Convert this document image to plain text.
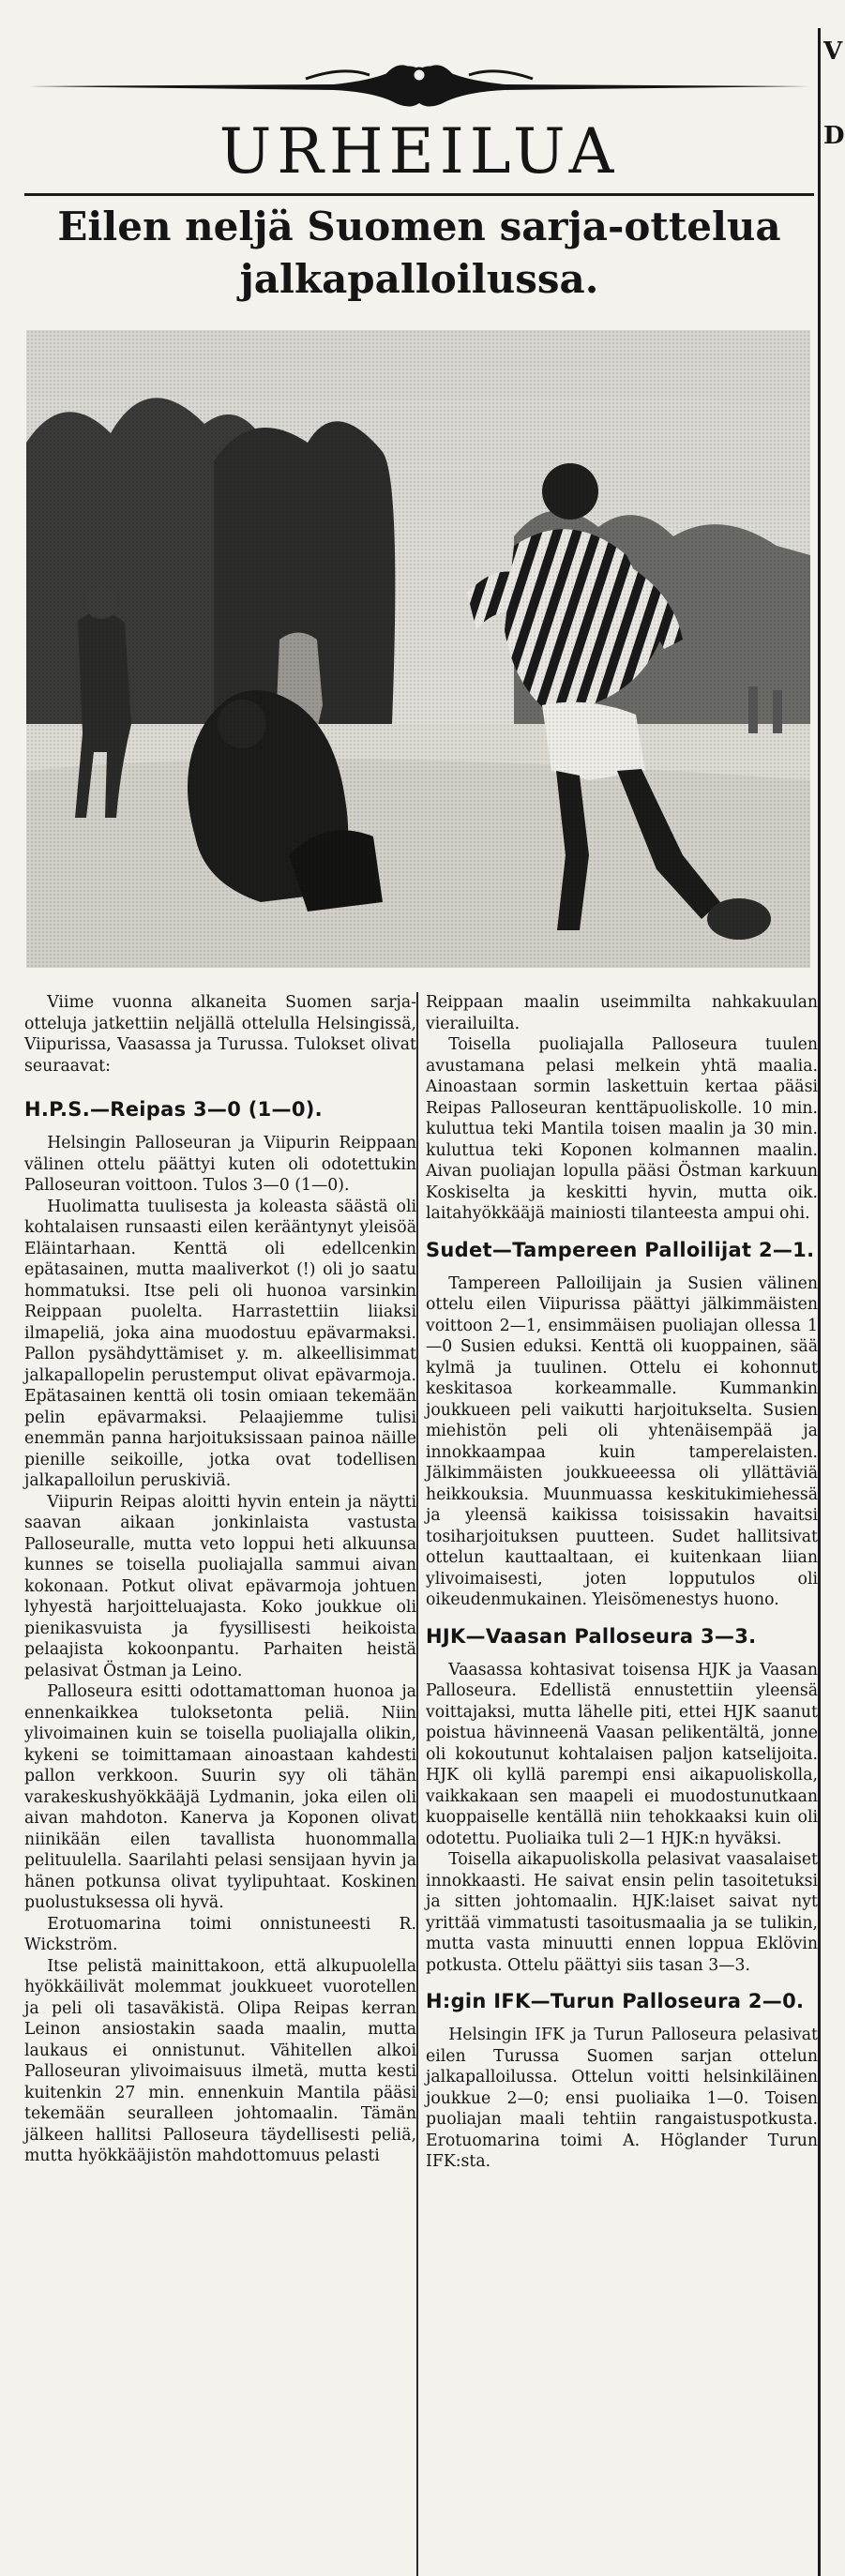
V
D
URHEILUA
Eilen neljä Suomen sarja-ottelua jalkapalloilussa.

Viime vuonna alkaneita Suomen sarja-otteluja jatkettiin neljällä ottelulla Helsingissä, Viipurissa, Vaasassa ja Turussa. Tulokset olivat seuraavat:

H.P.S.—Reipas 3—0 (1—0).

Helsingin Palloseuran ja Viipurin Reippaan välinen ottelu päättyi kuten oli odotettukin Palloseuran voittoon. Tulos 3—0 (1—0).

Huolimatta tuulisesta ja koleasta säästä oli kohtalaisen runsaasti eilen kerääntynyt yleisöä Eläintarhaan. Kenttä oli edellcenkin epätasainen, mutta maaliverkot (!) oli jo saatu hommatuksi. Itse peli oli huonoa varsinkin Reippaan puolelta. Harrastettiin liiaksi ilmapeliä, joka aina muodostuu epävarmaksi. Pallon pysähdyttämiset y. m. alkeellisimmat jalkapallopelin perustemput olivat epävarmoja. Epätasainen kenttä oli tosin omiaan tekemään pelin epävarmaksi. Pelaajiemme tulisi enemmän panna harjoituksissaan painoa näille pienille seikoille, jotka ovat todellisen jalkapalloilun peruskiviä.

Viipurin Reipas aloitti hyvin entein ja näytti saavan aikaan jonkinlaista vastusta Palloseuralle, mutta veto loppui heti alkuunsa kunnes se toisella puoliajalla sammui aivan kokonaan. Potkut olivat epävarmoja johtuen lyhyestä harjoitteluajasta. Koko joukkue oli pienikasvuista ja fyysillisesti heikoista pelaajista kokoonpantu. Parhaiten heistä pelasivat Östman ja Leino.

Palloseura esitti odottamattoman huonoa ja ennenkaikkea tuloksetonta peliä. Niin ylivoimainen kuin se toisella puoliajalla olikin, kykeni se toimittamaan ainoastaan kahdesti pallon verkkoon. Suurin syy oli tähän varakeskushyökkääjä Lydmanin, joka eilen oli aivan mahdoton. Kanerva ja Koponen olivat niinikään eilen tavallista huonommalla pelituulella. Saarilahti pelasi sensijaan hyvin ja hänen potkunsa olivat tyylipuhtaat. Koskinen puolustuksessa oli hyvä.

Erotuomarina toimi onnistuneesti R. Wickström.

Itse pelistä mainittakoon, että alkupuolella hyökkäilivät molemmat joukkueet vuorotellen ja peli oli tasaväkistä. Olipa Reipas kerran Leinon ansiostakin saada maalin, mutta laukaus ei onnistunut. Vähitellen alkoi Palloseuran ylivoimaisuus ilmetä, mutta kesti kuitenkin 27 min. ennenkuin Mantila pääsi tekemään seuralleen johtomaalin. Tämän jälkeen hallitsi Palloseura täydellisesti peliä, mutta hyökkääjistön mahdottomuus pelasti

Reippaan maalin useimmilta nahkakuulan vierailuilta.

Toisella puoliajalla Palloseura tuulen avustamana pelasi melkein yhtä maalia. Ainoastaan sormin laskettuin kertaa pääsi Reipas Palloseuran kenttäpuoliskolle. 10 min. kuluttua teki Mantila toisen maalin ja 30 min. kuluttua teki Koponen kolmannen maalin. Aivan puoliajan lopulla pääsi Östman karkuun Koskiselta ja keskitti hyvin, mutta oik. laitahyökkääjä mainiosti tilanteesta ampui ohi.

Sudet—Tampereen Palloilijat 2—1.

Tampereen Palloilijain ja Susien välinen ottelu eilen Viipurissa päättyi jälkimmäisten voittoon 2—1, ensimmäisen puoliajan ollessa 1—0 Susien eduksi. Kenttä oli kuoppainen, sää kylmä ja tuulinen. Ottelu ei kohonnut keskitasoa korkeammalle. Kummankin joukkueen peli vaikutti harjoitukselta. Susien miehistön peli oli yhtenäisempää ja innokkaampaa kuin tamperelaisten. Jälkimmäisten joukkueeessa oli yllättäviä heikkouksia. Muunmuassa keskitukimiehessä ja yleensä kaikissa toisissakin havaitsi tosiharjoituksen puutteen. Sudet hallitsivat ottelun kauttaaltaan, ei kuitenkaan liian ylivoimaisesti, joten lopputulos oli oikeudenmukainen. Yleisömenestys huono.

HJK—Vaasan Palloseura 3—3.

Vaasassa kohtasivat toisensa HJK ja Vaasan Palloseura. Edellistä ennustettiin yleensä voittajaksi, mutta lähelle piti, ettei HJK saanut poistua hävinneenä Vaasan pelikentältä, jonne oli kokoutunut kohtalaisen paljon katselijoita. HJK oli kyllä parempi ensi aikapuoliskolla, vaikkakaan sen maapeli ei muodostunutkaan kuoppaiselle kentällä niin tehokkaaksi kuin oli odotettu. Puoliaika tuli 2—1 HJK:n hyväksi.

Toisella aikapuoliskolla pelasivat vaasalaiset innokkaasti. He saivat ensin pelin tasoitetuksi ja sitten johtomaalin. HJK:laiset saivat nyt yrittää vimmatusti tasoitusmaalia ja se tulikin, mutta vasta minuutti ennen loppua Eklövin potkusta. Ottelu päättyi siis tasan 3—3.

H:gin IFK—Turun Palloseura 2—0.

Helsingin IFK ja Turun Palloseura pelasivat eilen Turussa Suomen sarjan ottelun jalkapalloilussa. Ottelun voitti helsinkiläinen joukkue 2—0; ensi puoliaika 1—0. Toisen puoliajan maali tehtiin rangaistuspotkusta. Erotuomarina toimi A. Höglander Turun IFK:sta.
